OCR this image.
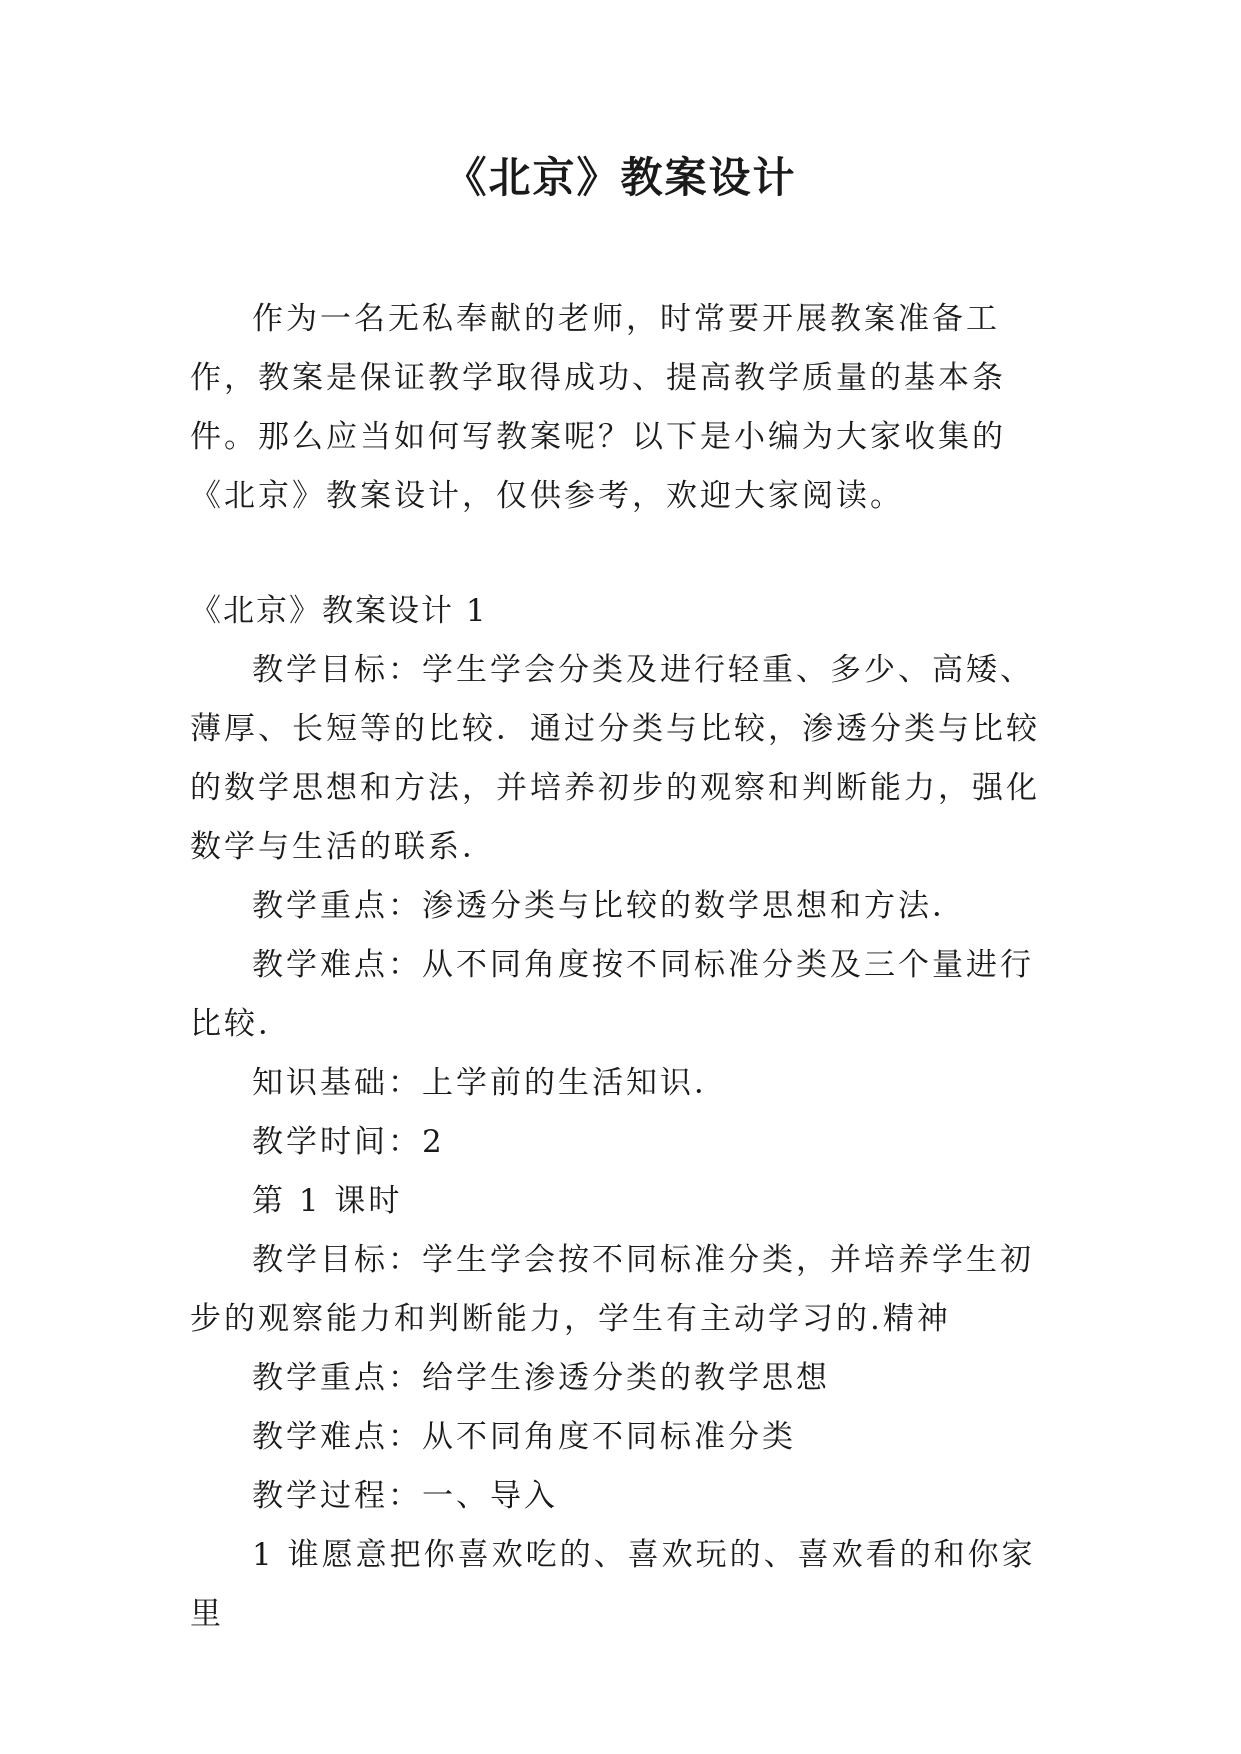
《北京》教案设计

作为一名无私奉献的老师，时常要开展教案准备工作，教案是保证教学取得成功、提高教学质量的基本条件。那么应当如何写教案呢？以下是小编为大家收集的《北京》教案设计，仅供参考，欢迎大家阅读。

《北京》教案设计 1

教学目标：学生学会分类及进行轻重、多少、高矮、薄厚、长短等的比较．通过分类与比较，渗透分类与比较的数学思想和方法，并培养初步的观察和判断能力，强化数学与生活的联系．

教学重点：渗透分类与比较的数学思想和方法．

教学难点：从不同角度按不同标准分类及三个量进行比较．

知识基础：上学前的生活知识．

教学时间：2

第 1 课时

教学目标：学生学会按不同标准分类，并培养学生初步的观察能力和判断能力，学生有主动学习的.精神

教学重点：给学生渗透分类的教学思想

教学难点：从不同角度不同标准分类

教学过程：一、导入

1 谁愿意把你喜欢吃的、喜欢玩的、喜欢看的和你家里
